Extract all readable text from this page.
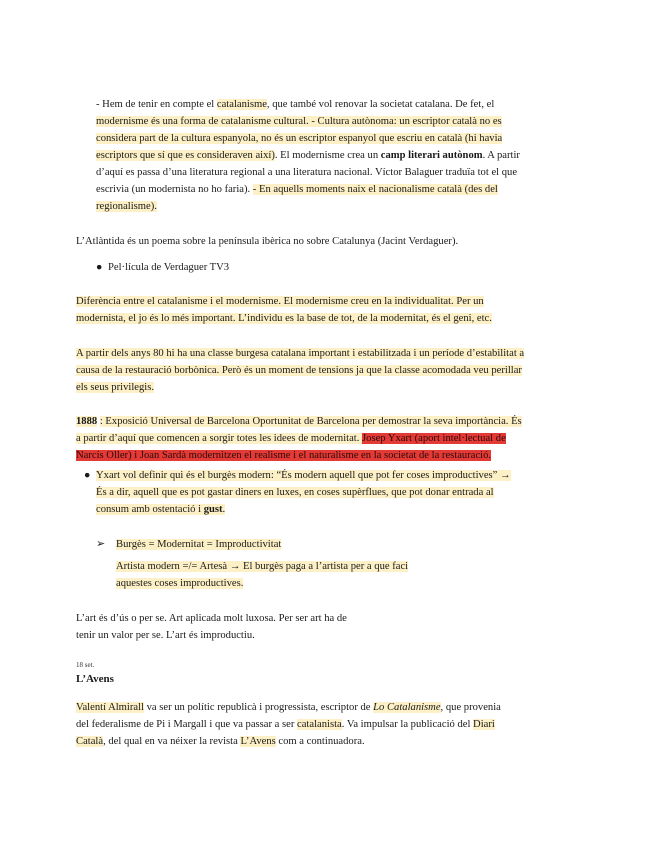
- Hem de tenir en compte el catalanisme, que també vol renovar la societat catalana. De fet, el
modernisme és una forma de catalanisme cultural. - Cultura autònoma: un escriptor català no es
considera part de la cultura espanyola, no és un escriptor espanyol que escriu en català (hi havia
escriptors que sí que es consideraven així). El modernisme crea un camp literari autònom. A partir
d’aquí es passa d’una literatura regional a una literatura nacional. Víctor Balaguer traduïa tot el que
escrivia (un modernista no ho faria). - En aquells moments naix el nacionalisme català (des del
regionalisme).
L’Atlàntida és un poema sobre la península ibèrica no sobre Catalunya (Jacint Verdaguer).
● Pel·lícula de Verdaguer TV3
Diferència entre el catalanisme i el modernisme. El modernisme creu en la individualitat. Per un
modernista, el jo és lo més important. L’individu es la base de tot, de la modernitat, és el geni, etc.
A partir dels anys 80 hi ha una classe burgesa catalana important i estabilitzada i un període d’estabilitat a
causa de la restauració borbònica. Però és un moment de tensions ja que la classe acomodada veu perillar
els seus privilegis.
1888 : Exposició Universal de Barcelona Oportunitat de Barcelona per demostrar la seva importància. És
a partir d’aquí que comencen a sorgir totes les idees de modernitat. Josep Yxart (aport intel·lectual de
Narcís Oller) i Joan Sardà modernitzen el realisme i el naturalisme en la societat de la restauració.
● Yxart vol definir qui és el burgès modern: “És modern aquell que pot fer coses improductives” →
És a dir, aquell que es pot gastar diners en luxes, en coses supèrflues, que pot donar entrada al
consum amb ostentació i gust.
➢ Burgès = Modernitat = Improductivitat
Artista modern =/= Artesà → El burgès paga a l’artista per a que faci
aquestes coses improductives.
L’art és d’ús o per se. Art aplicada molt luxosa. Per ser art ha de
tenir un valor per se. L’art és improductiu.
18 set.
L’Avens
Valentí Almirall va ser un polític republicà i progressista, escriptor de Lo Catalanisme, que provenia
del federalisme de Pi i Margall i que va passar a ser catalanista. Va impulsar la publicació del Diari
Català, del qual en va néixer la revista L’Avens com a continuadora.
